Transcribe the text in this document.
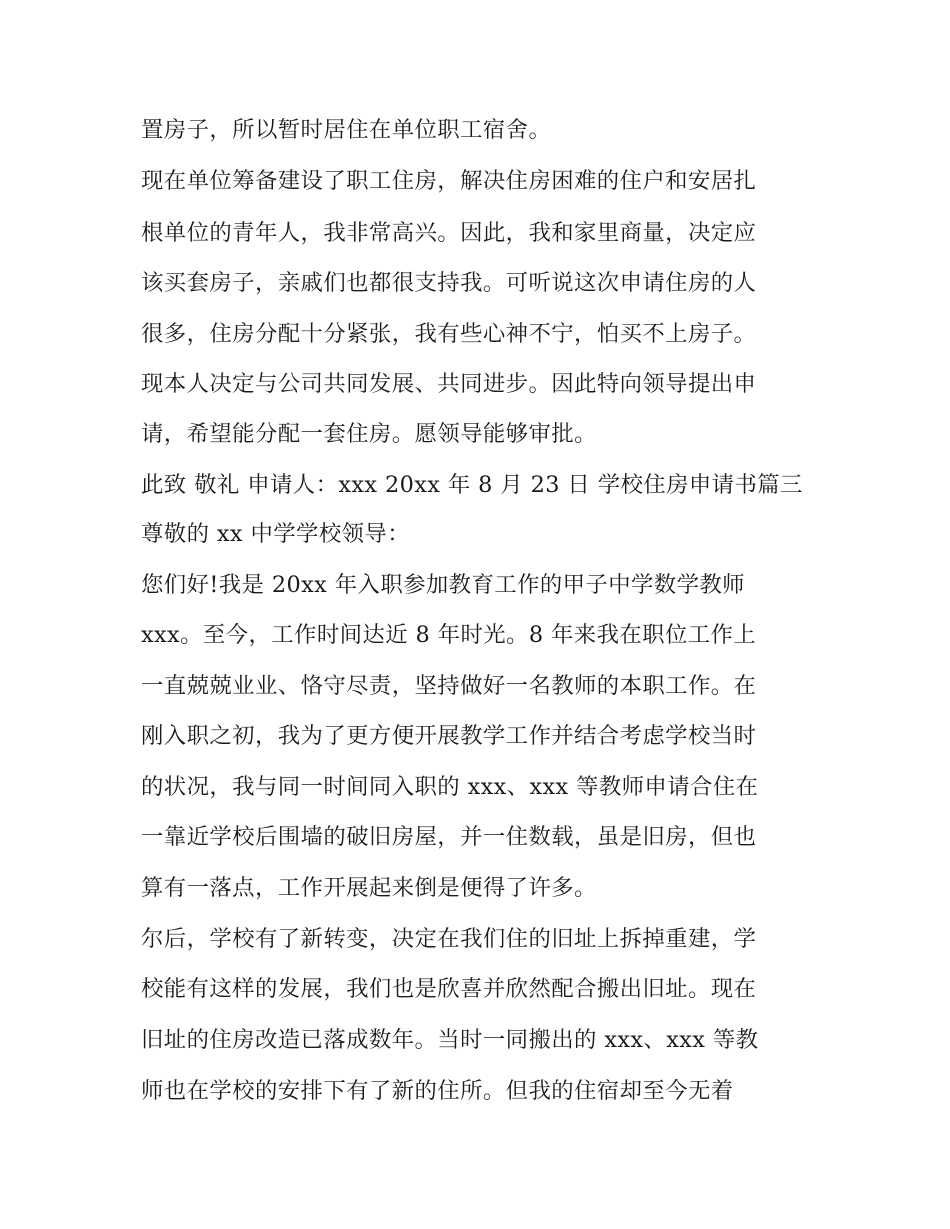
置房子，所以暂时居住在单位职工宿舍。
现在单位筹备建设了职工住房，解决住房困难的住户和安居扎
根单位的青年人，我非常高兴。因此，我和家里商量，决定应
该买套房子，亲戚们也都很支持我。可听说这次申请住房的人
很多，住房分配十分紧张，我有些心神不宁，怕买不上房子。
现本人决定与公司共同发展、共同进步。因此特向领导提出申
请，希望能分配一套住房。愿领导能够审批。
此致 敬礼 申请人：xxx 20xx 年 8 月 23 日 学校住房申请书篇三
尊敬的 xx 中学学校领导：
您们好!我是 20xx 年入职参加教育工作的甲子中学数学教师
xxx。至今，工作时间达近 8 年时光。8 年来我在职位工作上
一直兢兢业业、恪守尽责，坚持做好一名教师的本职工作。在
刚入职之初，我为了更方便开展教学工作并结合考虑学校当时
的状况，我与同一时间同入职的 xxx、xxx 等教师申请合住在
一靠近学校后围墙的破旧房屋，并一住数载，虽是旧房，但也
算有一落点，工作开展起来倒是便得了许多。
尔后，学校有了新转变，决定在我们住的旧址上拆掉重建，学
校能有这样的发展，我们也是欣喜并欣然配合搬出旧址。现在
旧址的住房改造已落成数年。当时一同搬出的 xxx、xxx 等教
师也在学校的安排下有了新的住所。但我的住宿却至今无着
